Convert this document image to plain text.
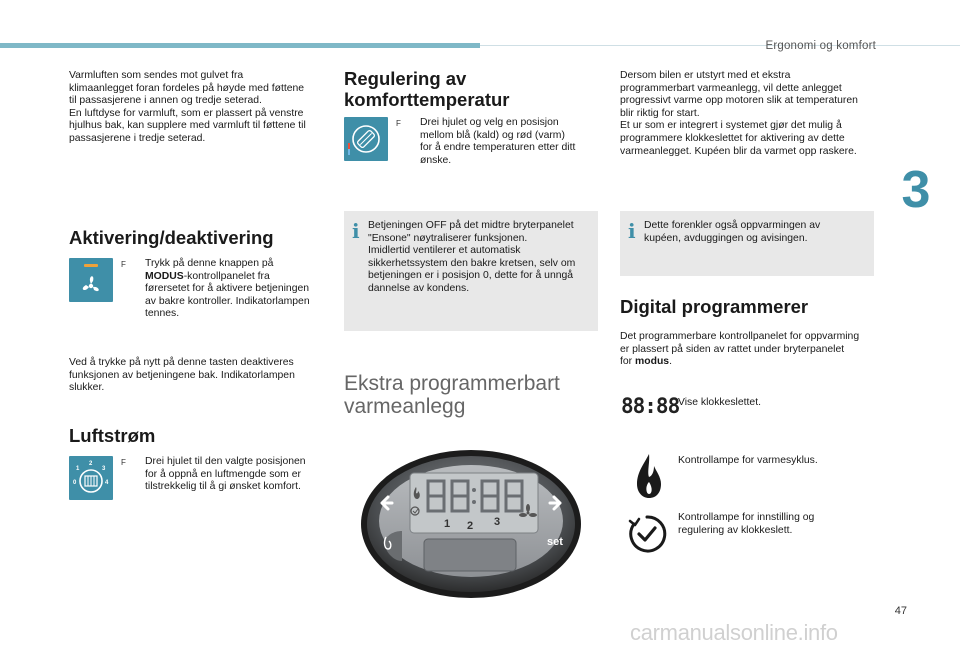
Ergonomi og komfort
3
Varmluften som sendes mot gulvet fra
klimaanlegget foran fordeles på høyde med føttene
til passasjerene i annen og tredje seterad.
En luftdyse for varmluft, som er plassert på venstre
hjulhus bak, kan supplere med varmluft til føttene til
passasjerene i tredje seterad.
Aktivering/deaktivering
F Trykk på denne knappen på
MODUS-kontrollpanelet fra
førersetet for å aktivere betjeningen
av bakre kontroller. Indikatorlampen
tennes.
Ved å trykke på nytt på denne tasten deaktiveres
funksjonen av betjeningene bak. Indikatorlampen
slukker.
Luftstrøm
0
1
2
3
4
F Drei hjulet til den valgte posisjonen
for å oppnå en luftmengde som er
tilstrekkelig til å gi ønsket komfort.
Regulering av
komforttemperatur
F Drei hjulet og velg en posisjon
mellom blå (kald) og rød (varm)
for å endre temperaturen etter ditt
ønske.
i Betjeningen OFF på det midtre bryterpanelet
"Ensone" nøytraliserer funksjonen.
Imidlertid ventilerer et automatisk
sikkerhetssystem den bakre kretsen, selv om
betjeningen er i posisjon 0, dette for å unngå
dannelse av kondens.
Ekstra programmerbart
varmeanlegg
1 2 3
set
Dersom bilen er utstyrt med et ekstra
programmerbart varmeanlegg, vil dette anlegget
progressivt varme opp motoren slik at temperaturen
blir riktig for start.
Et ur som er integrert i systemet gjør det mulig å
programmere klokkeslettet for aktivering av dette
varmeanlegget. Kupéen blir da varmet opp raskere.
i Dette forenkler også oppvarmingen av
kupéen, avduggingen og avisingen.
Digital programmerer
Det programmerbare kontrollpanelet for oppvarming
er plassert på siden av rattet under bryterpanelet
for modus.
88:88
Vise klokkeslettet.
Kontrollampe for varmesyklus.
Kontrollampe for innstilling og
regulering av klokkeslett.
47
carmanualsonline.info
